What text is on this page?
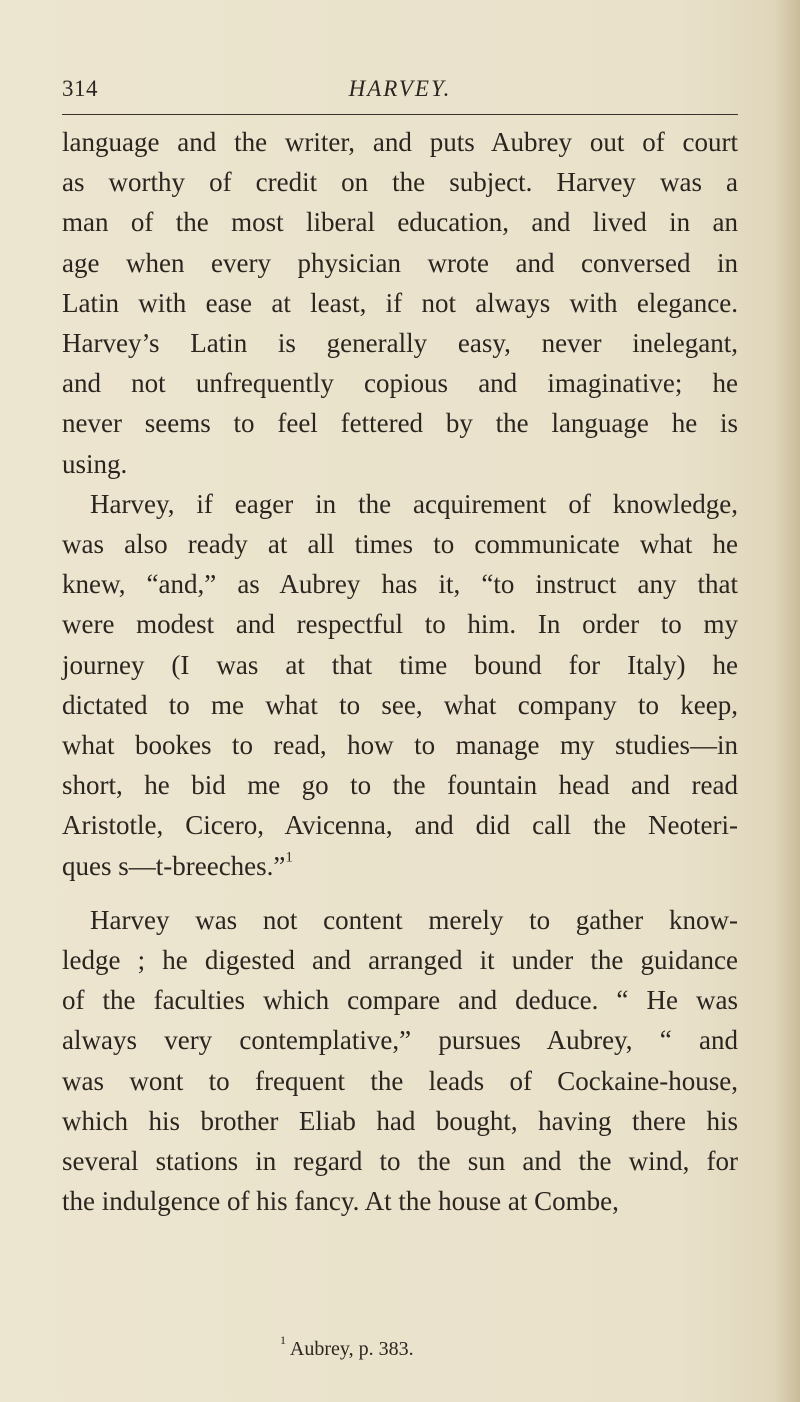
314	HARVEY.
language and the writer, and puts Aubrey out of court
as worthy of credit on the subject. Harvey was a
man of the most liberal education, and lived in an
age when every physician wrote and conversed in
Latin with ease at least, if not always with elegance.
Harvey’s Latin is generally easy, never inelegant,
and not unfrequently copious and imaginative; he
never seems to feel fettered by the language he is
using.
Harvey, if eager in the acquirement of knowledge,
was also ready at all times to communicate what he
knew, “and,” as Aubrey has it, “to instruct any that
were modest and respectful to him. In order to my
journey (I was at that time bound for Italy) he
dictated to me what to see, what company to keep,
what bookes to read, how to manage my studies—in
short, he bid me go to the fountain head and read
Aristotle, Cicero, Avicenna, and did call the Neoteri-
ques s—t-breeches.”$^1$
Harvey was not content merely to gather know-
ledge ; he digested and arranged it under the guidance
of the faculties which compare and deduce. “ He was
always very contemplative,” pursues Aubrey, “ and
was wont to frequent the leads of Cockaine-house,
which his brother Eliab had bought, having there his
several stations in regard to the sun and the wind, for
the indulgence of his fancy. At the house at Combe,
$^1$ Aubrey, p. 383.
